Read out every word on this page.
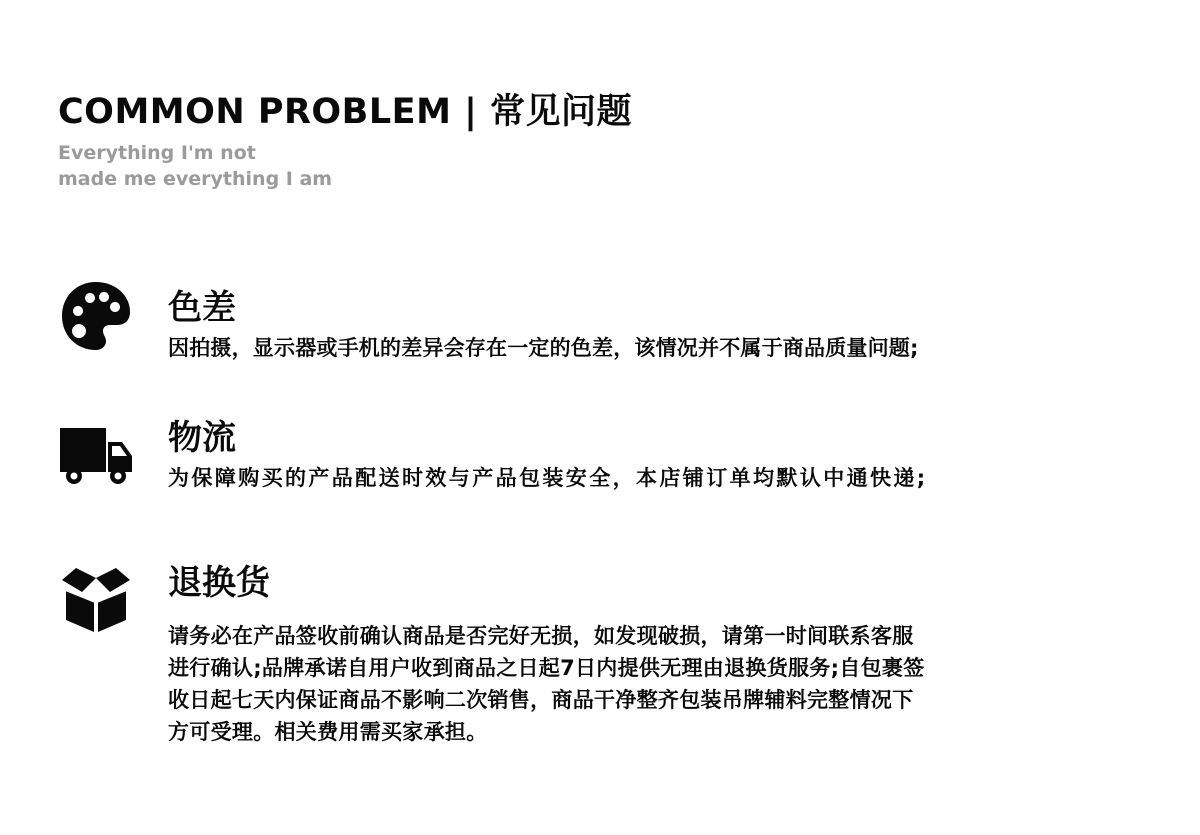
COMMON PROBLEM | 常见问题
Everything I'm not
made me everything I am
色差
因拍摄，显示器或手机的差异会存在一定的色差，该情况并不属于商品质量问题;
物流
为保障购买的产品配送时效与产品包装安全，本店铺订单均默认中通快递;
退换货
请务必在产品签收前确认商品是否完好无损，如发现破损，请第一时间联系客服
进行确认;品牌承诺自用户收到商品之日起7日内提供无理由退换货服务;自包裹签
收日起七天内保证商品不影响二次销售，商品干净整齐包装吊牌辅料完整情况下
方可受理。相关费用需买家承担。
